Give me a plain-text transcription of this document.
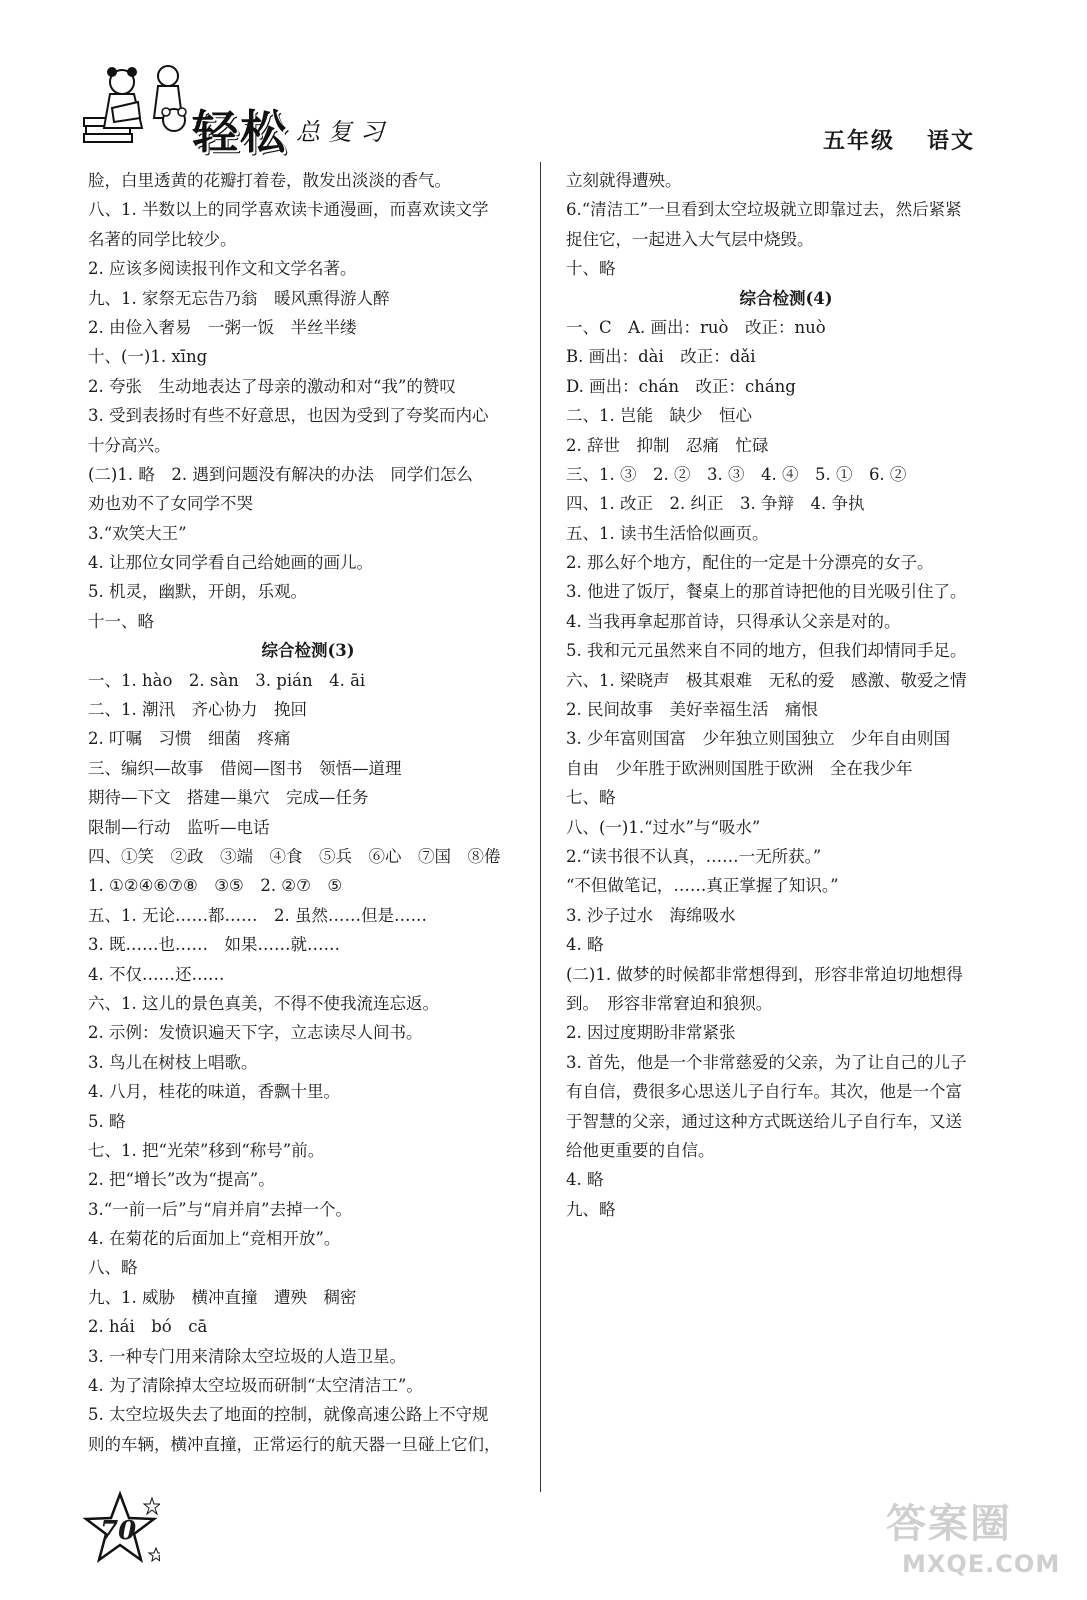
轻松 总复习	五年级 语文
脸，白里透黄的花瓣打着卷，散发出淡淡的香气。
八、1. 半数以上的同学喜欢读卡通漫画，而喜欢读文学
名著的同学比较少。
2. 应该多阅读报刊作文和文学名著。
九、1. 家祭无忘告乃翁　暖风熏得游人醉
2. 由俭入奢易　一粥一饭　半丝半缕
十、(一)1. xīng
2. 夸张　生动地表达了母亲的激动和对“我”的赞叹
3. 受到表扬时有些不好意思，也因为受到了夸奖而内心
十分高兴。
(二)1. 略　2. 遇到问题没有解决的办法　同学们怎么
劝也劝不了女同学不哭
3.“欢笑大王”
4. 让那位女同学看自己给她画的画儿。
5. 机灵，幽默，开朗，乐观。
十一、略
综合检测(3)
一、1. hào　2. sàn　3. pián　4. āi
二、1. 潮汛　齐心协力　挽回
2. 叮嘱　习惯　细菌　疼痛
三、编织—故事　借阅—图书　领悟—道理
期待—下文　搭建—巢穴　完成—任务
限制—行动　监听—电话
四、①笑　②政　③端　④食　⑤兵　⑥心　⑦国　⑧倦
1. ①②④⑥⑦⑧　③⑤　2. ②⑦　⑤
五、1. 无论……都……　2. 虽然……但是……
3. 既……也……　如果……就……
4. 不仅……还……
六、1. 这儿的景色真美，不得不使我流连忘返。
2. 示例：发愤识遍天下字，立志读尽人间书。
3. 鸟儿在树枝上唱歌。
4. 八月，桂花的味道，香飘十里。
5. 略
七、1. 把“光荣”移到“称号”前。
2. 把“增长”改为“提高”。
3.“一前一后”与“肩并肩”去掉一个。
4. 在菊花的后面加上“竞相开放”。
八、略
九、1. 威胁　横冲直撞　遭殃　稠密
2. hái　bó　cā
3. 一种专门用来清除太空垃圾的人造卫星。
4. 为了清除掉太空垃圾而研制“太空清洁工”。
5. 太空垃圾失去了地面的控制，就像高速公路上不守规
则的车辆，横冲直撞，正常运行的航天器一旦碰上它们，
立刻就得遭殃。
6.“清洁工”一旦看到太空垃圾就立即靠过去，然后紧紧
捉住它，一起进入大气层中烧毁。
十、略
综合检测(4)
一、C　A. 画出：ruò　改正：nuò
B. 画出：dài　改正：dǎi
D. 画出：chán　改正：cháng
二、1. 岂能　缺少　恒心
2. 辞世　抑制　忍痛　忙碌
三、1. ③　2. ②　3. ③　4. ④　5. ①　6. ②
四、1. 改正　2. 纠正　3. 争辩　4. 争执
五、1. 读书生活恰似画页。
2. 那么好个地方，配住的一定是十分漂亮的女子。
3. 他进了饭厅，餐桌上的那首诗把他的目光吸引住了。
4. 当我再拿起那首诗，只得承认父亲是对的。
5. 我和元元虽然来自不同的地方，但我们却情同手足。
六、1. 梁晓声　极其艰难　无私的爱　感激、敬爱之情
2. 民间故事　美好幸福生活　痛恨
3. 少年富则国富　少年独立则国独立　少年自由则国
自由　少年胜于欧洲则国胜于欧洲　全在我少年
七、略
八、(一)1.“过水”与“吸水”
2.“读书很不认真，……一无所获。”
“不但做笔记，……真正掌握了知识。”
3. 沙子过水　海绵吸水
4. 略
(二)1. 做梦的时候都非常想得到，形容非常迫切地想得
到。　形容非常窘迫和狼狈。
2. 因过度期盼非常紧张
3. 首先，他是一个非常慈爱的父亲，为了让自己的儿子
有自信，费很多心思送儿子自行车。其次，他是一个富
于智慧的父亲，通过这种方式既送给儿子自行车，又送
给他更重要的自信。
4. 略
九、略
70	答案圈
MXQE.COM
